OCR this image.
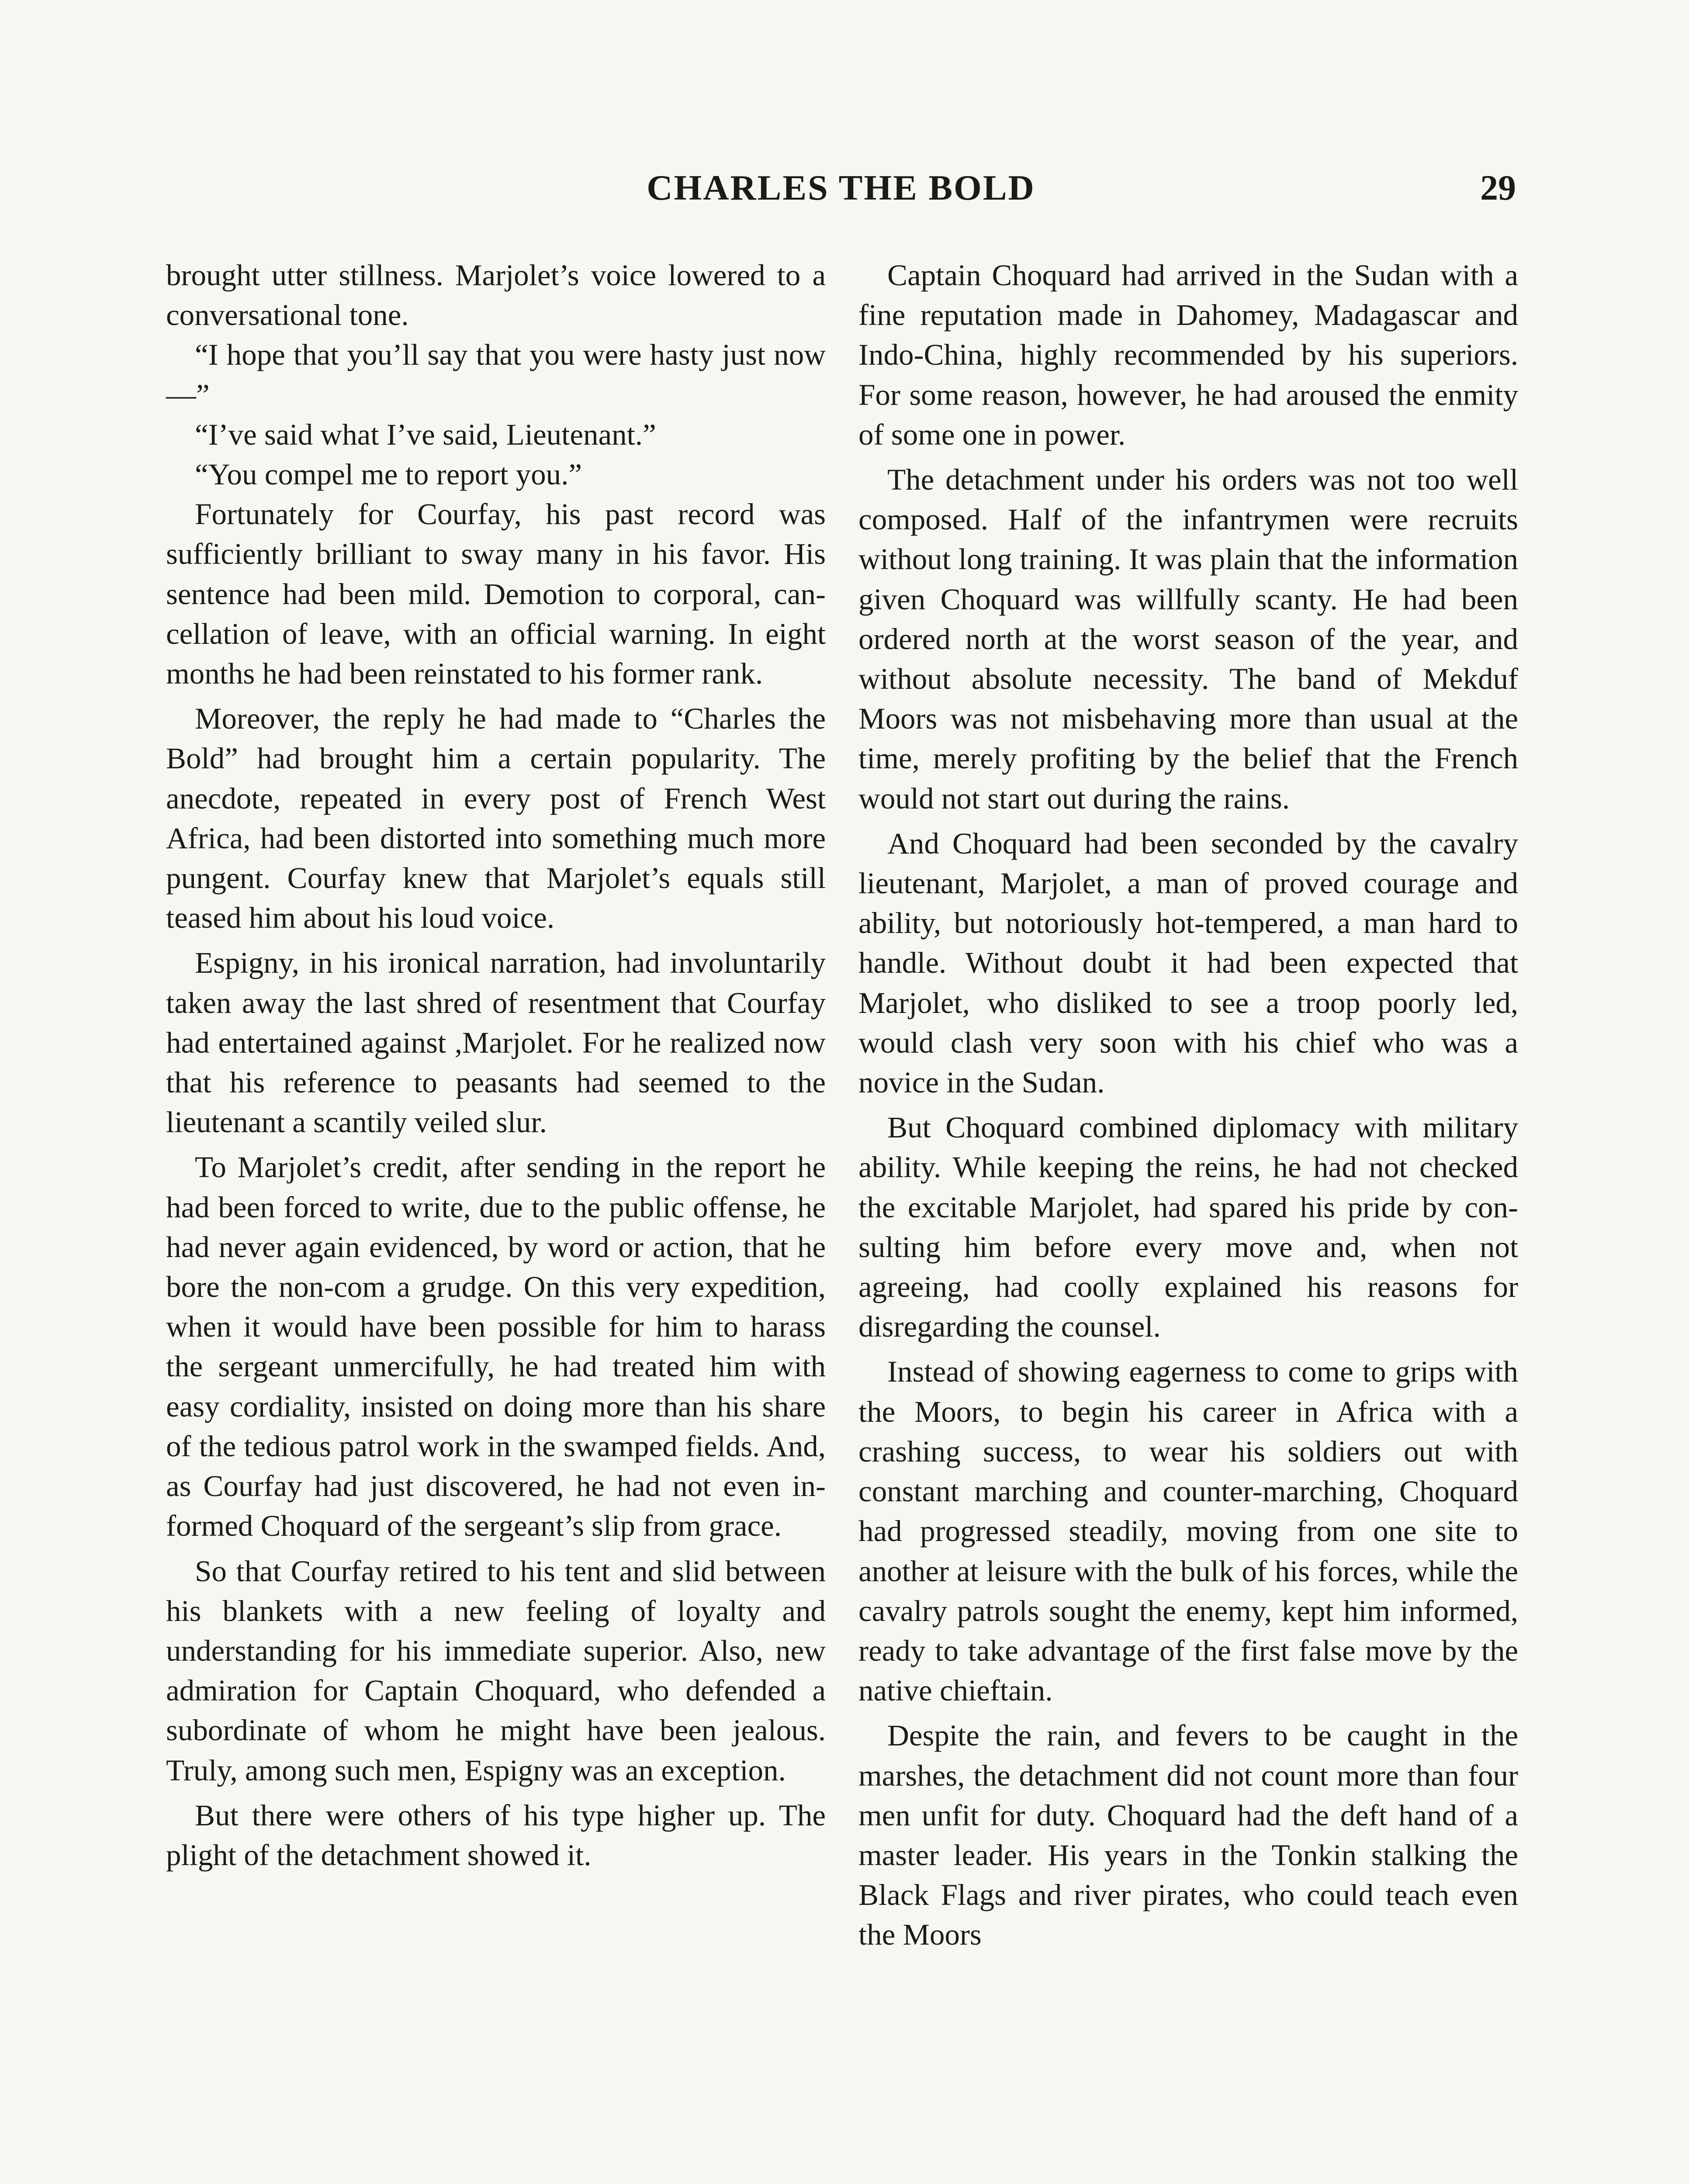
CHARLES THE BOLD	29

brought utter stillness. Marjolet’s voice lowered to a conversational tone.

“I hope that you’ll say that you were hasty just now—”

“I’ve said what I’ve said, Lieutenant.”

“You compel me to report you.”

Fortunately for Courfay, his past record was sufficiently brilliant to sway many in his favor. His sentence had been mild. Demotion to corporal, cancellation of leave, with an official warning. In eight months he had been reinstated to his former rank.

Moreover, the reply he had made to “Charles the Bold” had brought him a certain popularity. The anecdote, repeated in every post of French West Africa, had been distorted into something much more pungent. Courfay knew that Marjolet’s equals still teased him about his loud voice.

Espigny, in his ironical narration, had involuntarily taken away the last shred of resentment that Courfay had entertained against ,Marjolet. For he realized now that his reference to peasants had seemed to the lieutenant a scantily veiled slur.

To Marjolet’s credit, after sending in the report he had been forced to write, due to the public offense, he had never again evidenced, by word or action, that he bore the non-com a grudge. On this very expedition, when it would have been possible for him to harass the sergeant unmercifully, he had treated him with easy cordiality, insisted on doing more than his share of the tedious patrol work in the swamped fields. And, as Courfay had just discovered, he had not even informed Choquard of the sergeant’s slip from grace.

So that Courfay retired to his tent and slid between his blankets with a new feeling of loyalty and understanding for his immediate superior. Also, new admiration for Captain Choquard, who defended a subordinate of whom he might have been jealous. Truly, among such men, Espigny was an exception.

But there were others of his type higher up. The plight of the detachment showed it.

Captain Choquard had arrived in the Sudan with a fine reputation made in Dahomey, Madagascar and Indo-China, highly recommended by his superiors. For some reason, however, he had aroused the enmity of some one in power.

The detachment under his orders was not too well composed. Half of the infantrymen were recruits without long training. It was plain that the information given Choquard was willfully scanty. He had been ordered north at the worst season of the year, and without absolute necessity. The band of Mekduf Moors was not misbehaving more than usual at the time, merely profiting by the belief that the French would not start out during the rains.

And Choquard had been seconded by the cavalry lieutenant, Marjolet, a man of proved courage and ability, but notoriously hot-tempered, a man hard to handle. Without doubt it had been expected that Marjolet, who disliked to see a troop poorly led, would clash very soon with his chief who was a novice in the Sudan.

But Choquard combined diplomacy with military ability. While keeping the reins, he had not checked the excitable Marjolet, had spared his pride by consulting him before every move and, when not agreeing, had coolly explained his reasons for disregarding the counsel.

Instead of showing eagerness to come to grips with the Moors, to begin his career in Africa with a crashing success, to wear his soldiers out with constant marching and counter-marching, Choquard had progressed steadily, moving from one site to another at leisure with the bulk of his forces, while the cavalry patrols sought the enemy, kept him informed, ready to take advantage of the first false move by the native chieftain.

Despite the rain, and fevers to be caught in the marshes, the detachment did not count more than four men unfit for duty. Choquard had the deft hand of a master leader. His years in the Tonkin stalking the Black Flags and river pirates, who could teach even the Moors
